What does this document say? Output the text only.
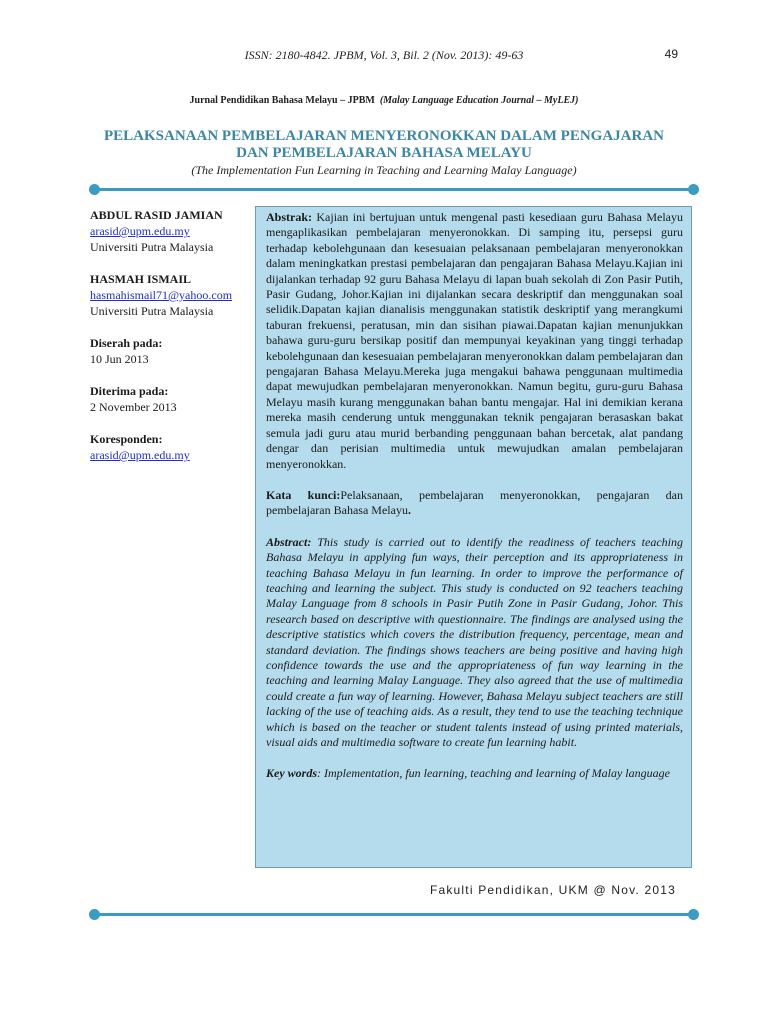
ISSN: 2180-4842. JPBM, Vol. 3, Bil. 2 (Nov. 2013): 49-63	49
Jurnal Pendidikan Bahasa Melayu – JPBM (Malay Language Education Journal – MyLEJ)
PELAKSANAAN PEMBELAJARAN MENYERONOKKAN DALAM PENGAJARAN
DAN PEMBELAJARAN BAHASA MELAYU
(The Implementation Fun Learning in Teaching and Learning Malay Language)
ABDUL RASID JAMIAN
arasid@upm.edu.my
Universiti Putra Malaysia
HASMAH ISMAIL
hasmahismail71@yahoo.com
Universiti Putra Malaysia
Diserah pada:
10 Jun 2013
Diterima pada:
2 November 2013
Koresponden:
arasid@upm.edu.my

Abstrak: Kajian ini bertujuan untuk mengenal pasti kesediaan guru Bahasa Melayu mengaplikasikan pembelajaran menyeronokkan. Di samping itu, persepsi guru terhadap kebolehgunaan dan kesesuaian pelaksanaan pembelajaran menyeronokkan dalam meningkatkan prestasi pembelajaran dan pengajaran Bahasa Melayu.Kajian ini dijalankan terhadap 92 guru Bahasa Melayu di lapan buah sekolah di Zon Pasir Putih, Pasir Gudang, Johor.Kajian ini dijalankan secara deskriptif dan menggunakan soal selidik.Dapatan kajian dianalisis menggunakan statistik deskriptif yang merangkumi taburan frekuensi, peratusan, min dan sisihan piawai.Dapatan kajian menunjukkan bahawa guru-guru bersikap positif dan mempunyai keyakinan yang tinggi terhadap kebolehgunaan dan kesesuaian pembelajaran menyeronokkan dalam pembelajaran dan pengajaran Bahasa Melayu.Mereka juga mengakui bahawa penggunaan multimedia dapat mewujudkan pembelajaran menyeronokkan. Namun begitu, guru-guru Bahasa Melayu masih kurang menggunakan bahan bantu mengajar. Hal ini demikian kerana mereka masih cenderung untuk menggunakan teknik pengajaran berasaskan bakat semula jadi guru atau murid berbanding penggunaan bahan bercetak, alat pandang dengar dan perisian multimedia untuk mewujudkan amalan pembelajaran menyeronokkan.

Kata kunci:Pelaksanaan, pembelajaran menyeronokkan, pengajaran dan pembelajaran Bahasa Melayu.

Abstract: This study is carried out to identify the readiness of teachers teaching Bahasa Melayu in applying fun ways, their perception and its appropriateness in teaching Bahasa Melayu in fun learning. In order to improve the performance of teaching and learning the subject. This study is conducted on 92 teachers teaching Malay Language from 8 schools in Pasir Putih Zone in Pasir Gudang, Johor. This research based on descriptive with questionnaire. The findings are analysed using the descriptive statistics which covers the distribution frequency, percentage, mean and standard deviation. The findings shows teachers are being positive and having high confidence towards the use and the appropriateness of fun way learning in the teaching and learning Malay Language. They also agreed that the use of multimedia could create a fun way of learning. However, Bahasa Melayu subject teachers are still lacking of the use of teaching aids. As a result, they tend to use the teaching technique which is based on the teacher or student talents instead of using printed materials, visual aids and multimedia software to create fun learning habit.

Key words: Implementation, fun learning, teaching and learning of Malay language

Fakulti Pendidikan, UKM @ Nov. 2013
